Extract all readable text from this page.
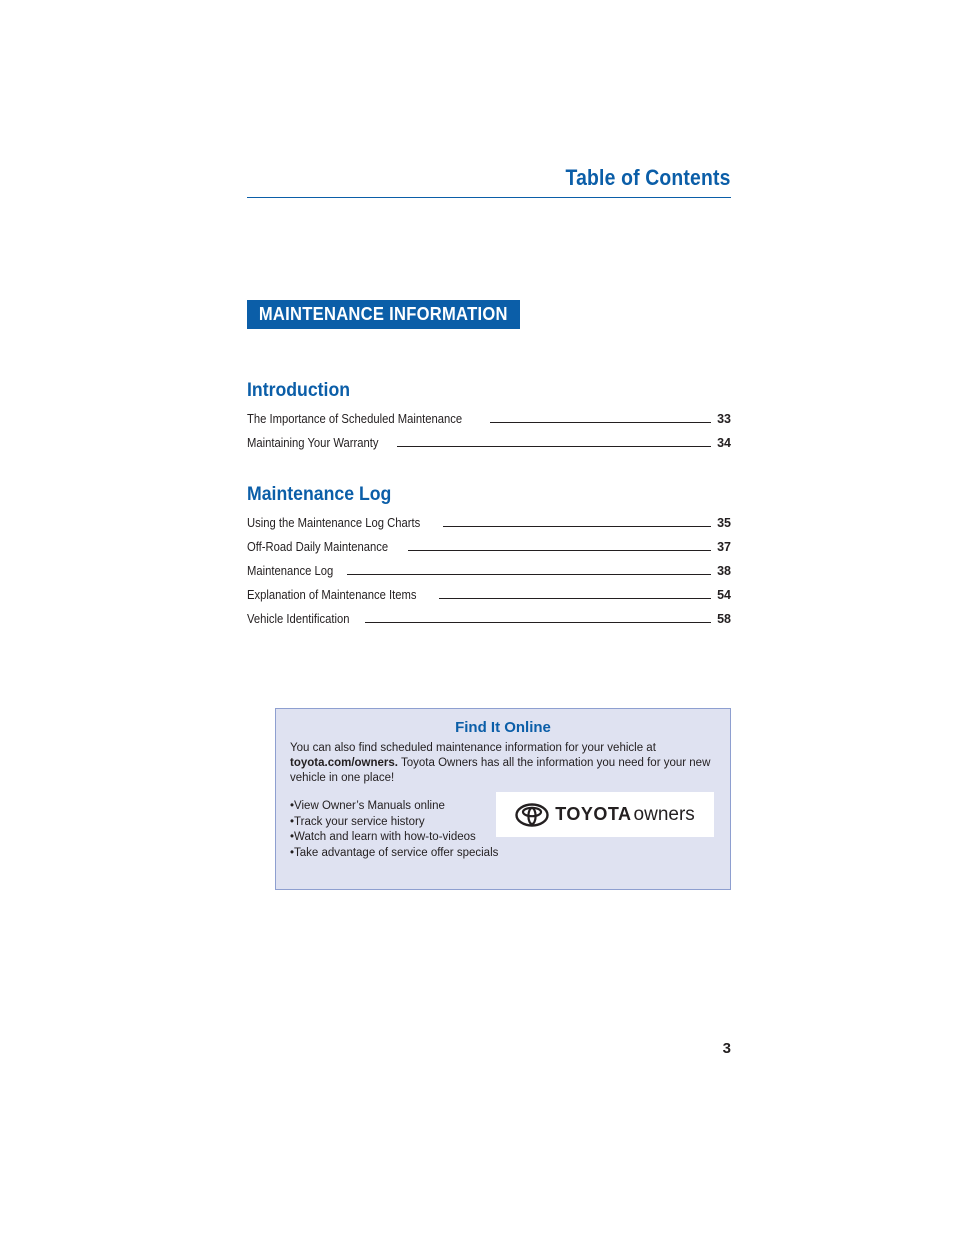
Table of Contents
MAINTENANCE INFORMATION
Introduction
The Importance of Scheduled Maintenance	33
Maintaining Your Warranty	34
Maintenance Log
Using the Maintenance Log Charts	35
Off-Road Daily Maintenance	37
Maintenance Log	38
Explanation of Maintenance Items	54
Vehicle Identification	58
Find It Online
You can also find scheduled maintenance information for your vehicle at
toyota.com/owners. Toyota Owners has all the information you need for your new vehicle in one place!
•View Owner’s Manuals online
•Track your service history
•Watch and learn with how-to-videos
•Take advantage of service offer specials
TOYOTA owners
3
